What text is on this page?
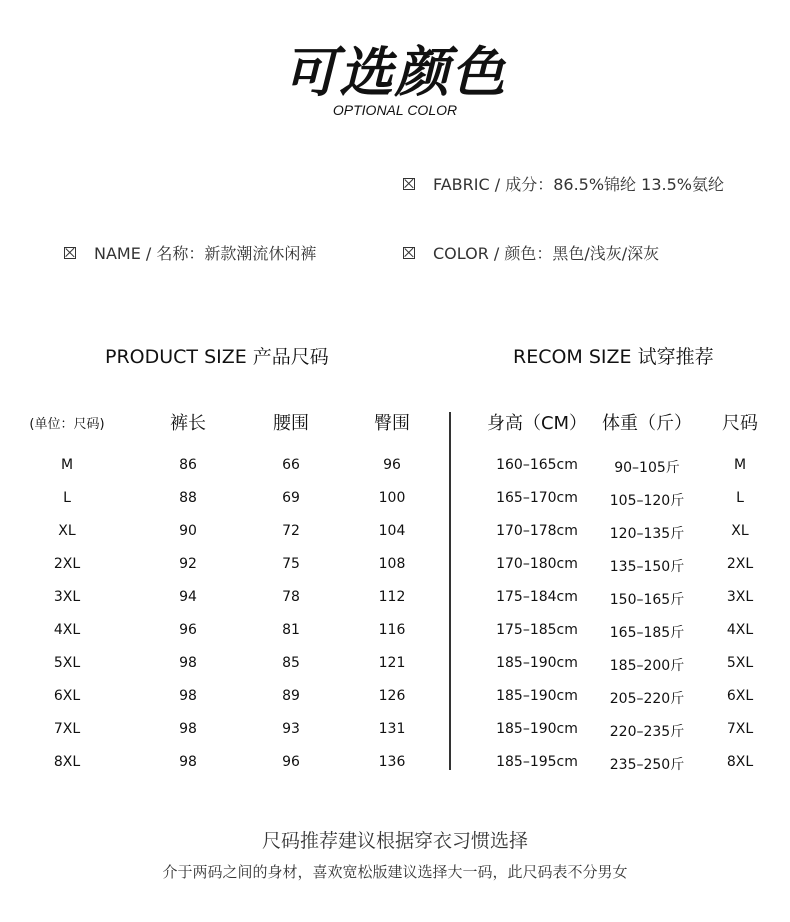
可选颜色
OPTIONAL COLOR
FABRIC / 成分：86.5%锦纶 13.5%氨纶
NAME / 名称：新款潮流休闲裤	COLOR / 颜色：黑色/浅灰/深灰
PRODUCT SIZE 产品尺码	RECOM SIZE 试穿推荐
(单位：尺码)	裤长	腰围	臀围
M	86	66	96
L	88	69	100
XL	90	72	104
2XL	92	75	108
3XL	94	78	112
4XL	96	81	116
5XL	98	85	121
6XL	98	89	126
7XL	98	93	131
8XL	98	96	136
身高（CM） 体重（斤） 尺码
160–165cm	90–105斤	M
165–170cm 105–120斤	L
170–178cm 120–135斤	XL
170–180cm 135–150斤	2XL
175–184cm 150–165斤	3XL
175–185cm 165–185斤	4XL
185–190cm 185–200斤	5XL
185–190cm 205–220斤	6XL
185–190cm 220–235斤	7XL
185–195cm 235–250斤	8XL
尺码推荐建议根据穿衣习惯选择
介于两码之间的身材，喜欢宽松版建议选择大一码，此尺码表不分男女
